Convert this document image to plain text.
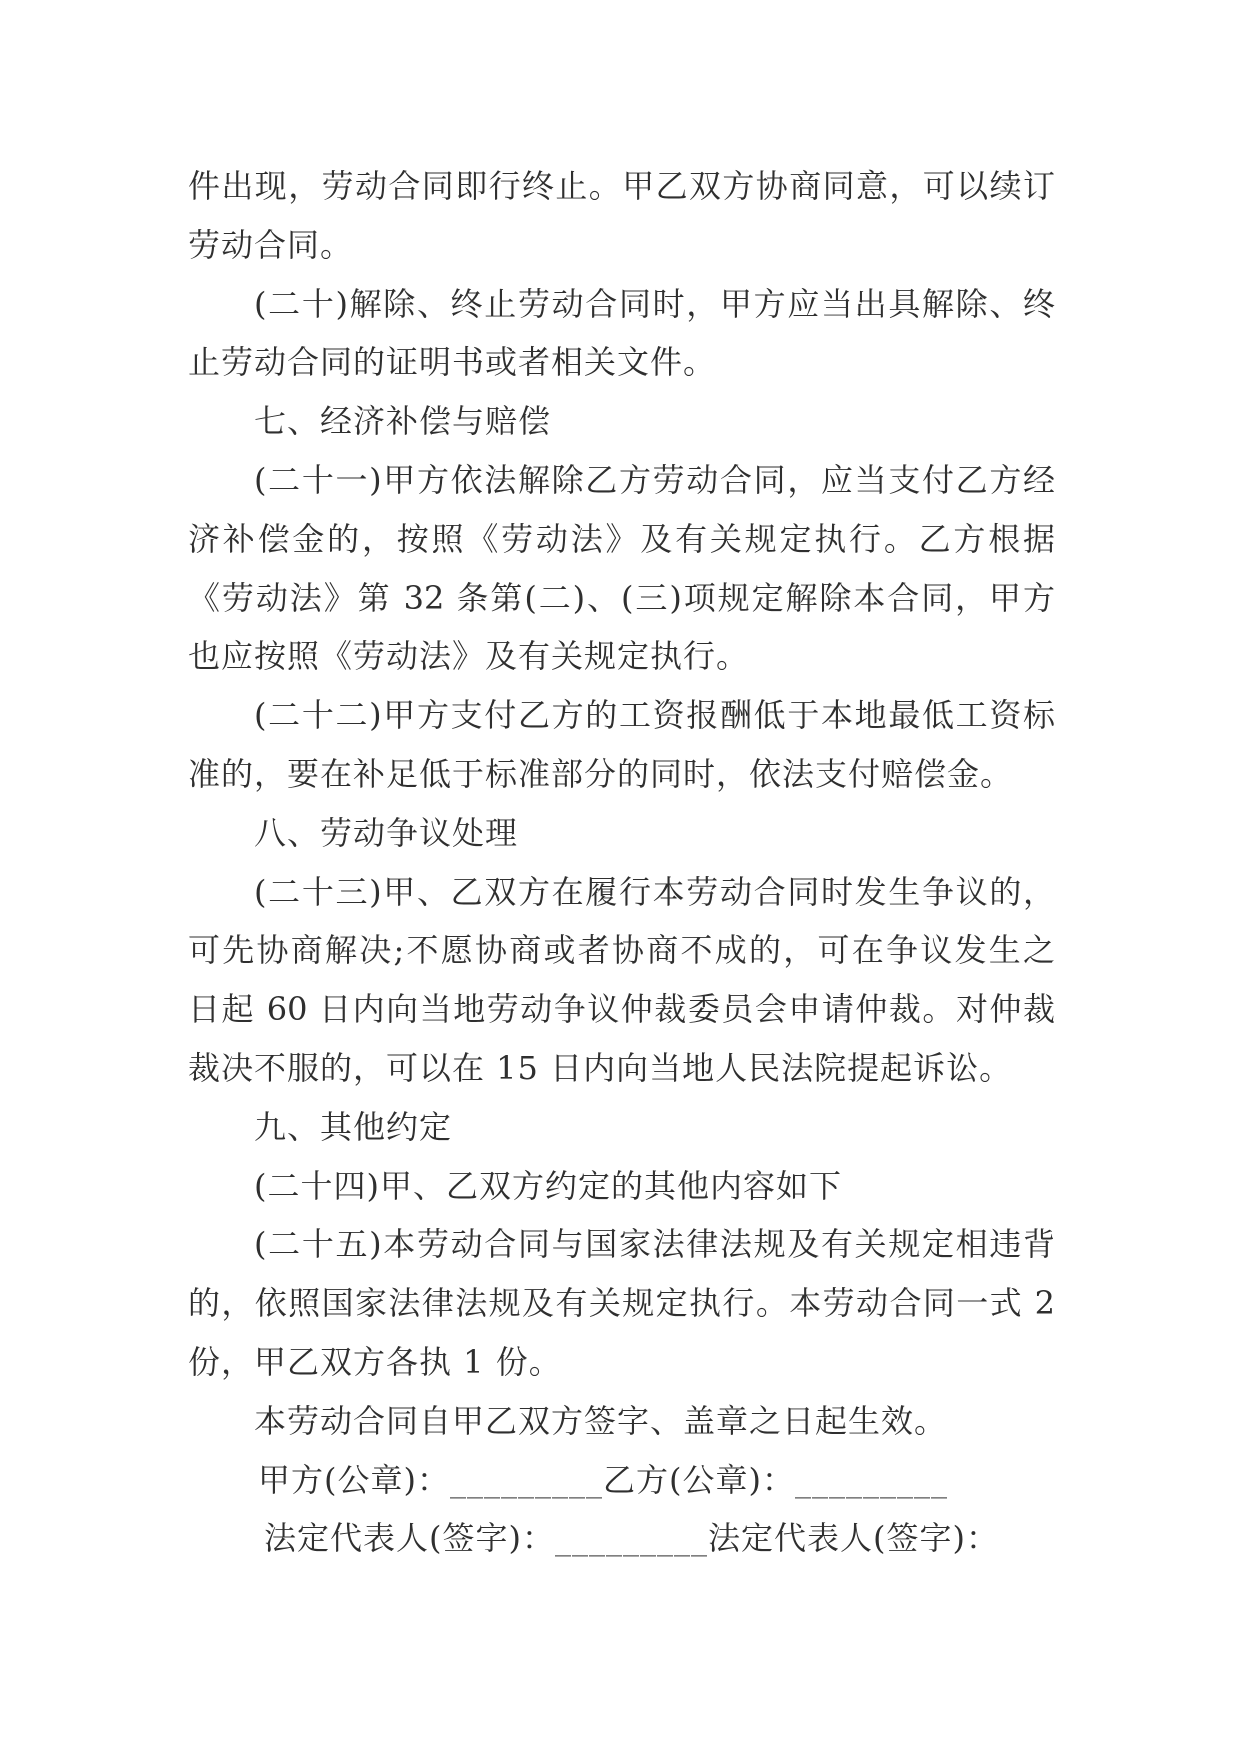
件出现，劳动合同即行终止。甲乙双方协商同意，可以续订
劳动合同。
(二十)解除、终止劳动合同时，甲方应当出具解除、终
止劳动合同的证明书或者相关文件。
七、经济补偿与赔偿
(二十一)甲方依法解除乙方劳动合同，应当支付乙方经
济补偿金的，按照《劳动法》及有关规定执行。乙方根据
《劳动法》第 32 条第(二)、(三)项规定解除本合同，甲方
也应按照《劳动法》及有关规定执行。
(二十二)甲方支付乙方的工资报酬低于本地最低工资标
准的，要在补足低于标准部分的同时，依法支付赔偿金。
八、劳动争议处理
(二十三)甲、乙双方在履行本劳动合同时发生争议的，
可先协商解决;不愿协商或者协商不成的，可在争议发生之
日起 60 日内向当地劳动争议仲裁委员会申请仲裁。对仲裁
裁决不服的，可以在 15 日内向当地人民法院提起诉讼。
九、其他约定
(二十四)甲、乙双方约定的其他内容如下
(二十五)本劳动合同与国家法律法规及有关规定相违背
的，依照国家法律法规及有关规定执行。本劳动合同一式 2
份，甲乙双方各执 1 份。
本劳动合同自甲乙双方签字、盖章之日起生效。
甲方(公章)：_________乙方(公章)：_________
法定代表人(签字)：_________法定代表人(签字)：
